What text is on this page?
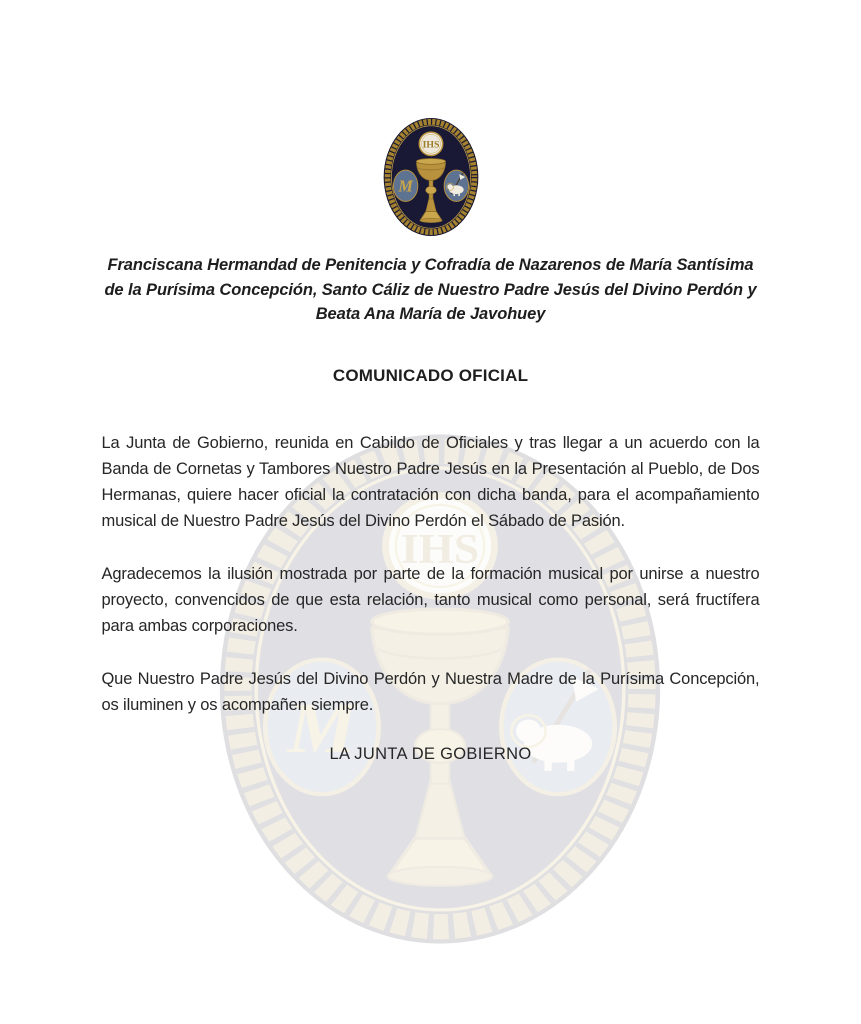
Franciscana Hermandad de Penitencia y Cofradía de Nazarenos de María Santísima
de la Purísima Concepción, Santo Cáliz de Nuestro Padre Jesús del Divino Perdón y
Beata Ana María de Javohuey
COMUNICADO OFICIAL

La Junta de Gobierno, reunida en Cabildo de Oficiales y tras llegar a un acuerdo con la Banda de Cornetas y Tambores Nuestro Padre Jesús en la Presentación al Pueblo, de Dos Hermanas, quiere hacer oficial la contratación con dicha banda, para el acompañamiento musical de Nuestro Padre Jesús del Divino Perdón el Sábado de Pasión.

Agradecemos la ilusión mostrada por parte de la formación musical por unirse a nuestro proyecto, convencidos de que esta relación, tanto musical como personal, será fructífera para ambas corporaciones.

Que Nuestro Padre Jesús del Divino Perdón y Nuestra Madre de la Purísima Concepción, os iluminen y os acompañen siempre.

LA JUNTA DE GOBIERNO
